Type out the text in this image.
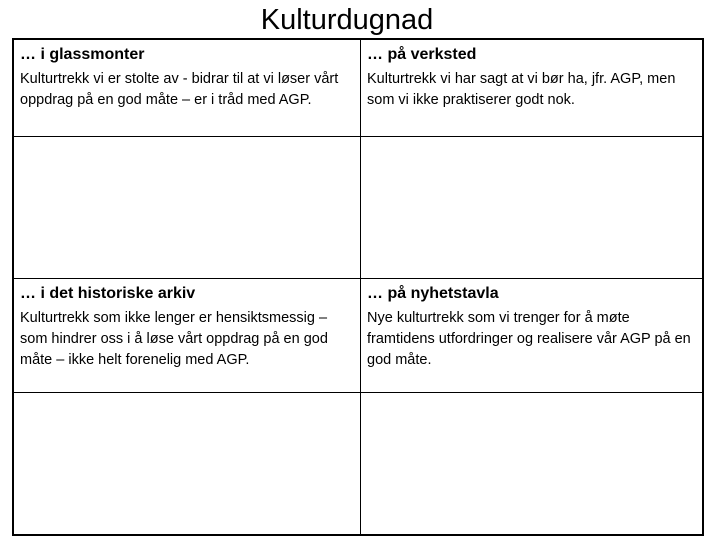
Kulturdugnad
… i glassmonter
Kulturtrekk vi er stolte av - bidrar til at vi løser vårt oppdrag på en god måte – er i tråd med AGP.
… på verksted
Kulturtrekk vi har sagt at vi bør ha, jfr. AGP, men som vi ikke praktiserer godt nok.
… i det historiske arkiv
Kulturtrekk som ikke lenger er hensiktsmessig – som hindrer oss i å løse vårt oppdrag på en god måte – ikke helt forenelig med AGP.
… på nyhetstavla
Nye kulturtrekk som vi trenger for å møte framtidens utfordringer og realisere vår AGP på en god måte.
